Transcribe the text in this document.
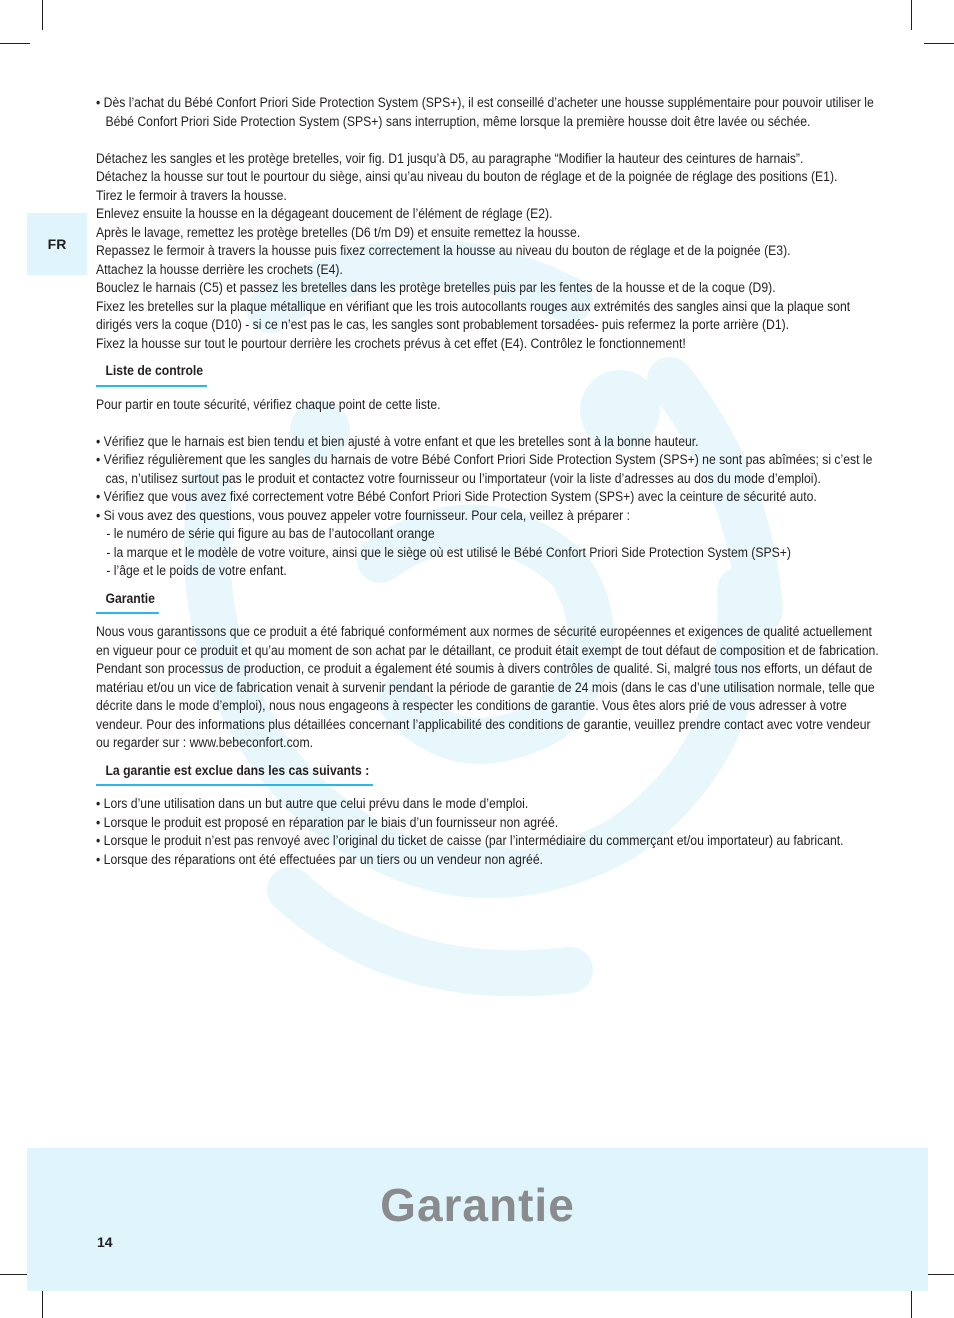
FR

• Dès l’achat du Bébé Confort Priori Side Protection System (SPS+), il est conseillé d’acheter une housse supplémentaire pour pouvoir utiliser le Bébé Confort Priori Side Protection System (SPS+) sans interruption, même lorsque la première housse doit être lavée ou séchée.

Détachez les sangles et les protège bretelles, voir fig. D1 jusqu’à D5, au paragraphe “Modifier la hauteur des ceintures de harnais”.

Détachez la housse sur tout le pourtour du siège, ainsi qu’au niveau du bouton de réglage et de la poignée de réglage des positions (E1).

Tirez le fermoir à travers la housse.

Enlevez ensuite la housse en la dégageant doucement de l’élément de réglage (E2).

Après le lavage, remettez les protège bretelles (D6 t/m D9) et ensuite remettez la housse.

Repassez le fermoir à travers la housse puis fixez correctement la housse au niveau du bouton de réglage et de la poignée (E3).

Attachez la housse derrière les crochets (E4).

Bouclez le harnais (C5) et passez les bretelles dans les protège bretelles puis par les fentes de la housse et de la coque (D9).

Fixez les bretelles sur la plaque métallique en vérifiant que les trois autocollants rouges aux extrémités des sangles ainsi que la plaque sont dirigés vers la coque (D10) - si ce n’est pas le cas, les sangles sont probablement torsadées- puis refermez la porte arrière (D1).

Fixez la housse sur tout le pourtour derrière les crochets prévus à cet effet (E4). Contrôlez le fonctionnement!

Liste de controle

Pour partir en toute sécurité, vérifiez chaque point de cette liste.

• Vérifiez que le harnais est bien tendu et bien ajusté à votre enfant et que les bretelles sont à la bonne hauteur.

• Vérifiez régulièrement que les sangles du harnais de votre Bébé Confort Priori Side Protection System (SPS+) ne sont pas abîmées; si c’est le cas, n’utilisez surtout pas le produit et contactez votre fournisseur ou l’importateur (voir la liste d’adresses au dos du mode d’emploi).

• Vérifiez que vous avez fixé correctement votre Bébé Confort Priori Side Protection System (SPS+) avec la ceinture de sécurité auto.

• Si vous avez des questions, vous pouvez appeler votre fournisseur. Pour cela, veillez à préparer :

- le numéro de série qui figure au bas de l’autocollant orange

- la marque et le modèle de votre voiture, ainsi que le siège où est utilisé le Bébé Confort Priori Side Protection System (SPS+)

- l’âge et le poids de votre enfant.

Garantie

Nous vous garantissons que ce produit a été fabriqué conformément aux normes de sécurité européennes et exigences de qualité actuellement en vigueur pour ce produit et qu’au moment de son achat par le détaillant, ce produit était exempt de tout défaut de composition et de fabrication. Pendant son processus de production, ce produit a également été soumis à divers contrôles de qualité. Si, malgré tous nos efforts, un défaut de matériau et/ou un vice de fabrication venait à survenir pendant la période de garantie de 24 mois (dans le cas d’une utilisation normale, telle que décrite dans le mode d’emploi), nous nous engageons à respecter les conditions de garantie. Vous êtes alors prié de vous adresser à votre vendeur. Pour des informations plus détaillées concernant l’applicabilité des conditions de garantie, veuillez prendre contact avec votre vendeur ou regarder sur : www.bebeconfort.com.

La garantie est exclue dans les cas suivants :

• Lors d’une utilisation dans un but autre que celui prévu dans le mode d’emploi.

• Lorsque le produit est proposé en réparation par le biais d’un fournisseur non agréé.

• Lorsque le produit n’est pas renvoyé avec l’original du ticket de caisse (par l’intermédiaire du commerçant et/ou importateur) au fabricant.

• Lorsque des réparations ont été effectuées par un tiers ou un vendeur non agréé.

Garantie
14
